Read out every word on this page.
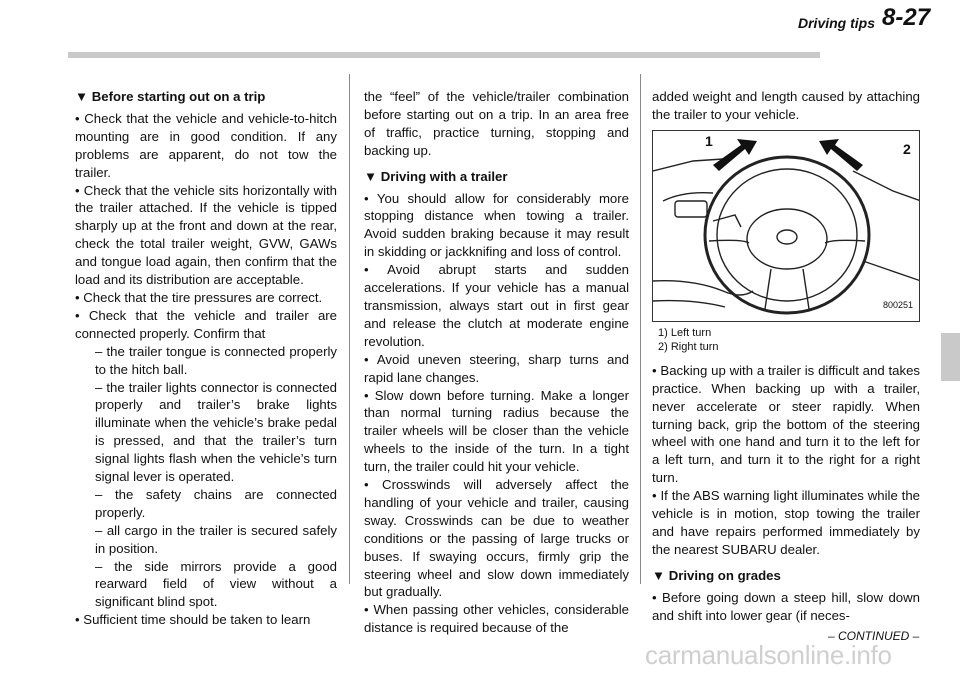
Driving tips 8-27

▼ Before starting out on a trip

• Check that the vehicle and vehicle-to-hitch mounting are in good condition. If any problems are apparent, do not tow the trailer.

• Check that the vehicle sits horizontally with the trailer attached. If the vehicle is tipped sharply up at the front and down at the rear, check the total trailer weight, GVW, GAWs and tongue load again, then confirm that the load and its distribution are acceptable.

• Check that the tire pressures are correct.

• Check that the vehicle and trailer are connected properly. Confirm that

– the trailer tongue is connected properly to the hitch ball.

– the trailer lights connector is connected properly and trailer’s brake lights illuminate when the vehicle’s brake pedal is pressed, and that the trailer’s turn signal lights flash when the vehicle’s turn signal lever is operated.

– the safety chains are connected properly.

– all cargo in the trailer is secured safely in position.

– the side mirrors provide a good rearward field of view without a significant blind spot.

• Sufficient time should be taken to learn

the “feel” of the vehicle/trailer combination before starting out on a trip. In an area free of traffic, practice turning, stopping and backing up.

▼ Driving with a trailer

• You should allow for considerably more stopping distance when towing a trailer. Avoid sudden braking because it may result in skidding or jackknifing and loss of control.

• Avoid abrupt starts and sudden accelerations. If your vehicle has a manual transmission, always start out in first gear and release the clutch at moderate engine revolution.

• Avoid uneven steering, sharp turns and rapid lane changes.

• Slow down before turning. Make a longer than normal turning radius because the trailer wheels will be closer than the vehicle wheels to the inside of the turn. In a tight turn, the trailer could hit your vehicle.

• Crosswinds will adversely affect the handling of your vehicle and trailer, causing sway. Crosswinds can be due to weather conditions or the passing of large trucks or buses. If swaying occurs, firmly grip the steering wheel and slow down immediately but gradually.

• When passing other vehicles, considerable distance is required because of the

added weight and length caused by attaching the trailer to your vehicle.

1	2
800251

1) Left turn

2) Right turn

• Backing up with a trailer is difficult and takes practice. When backing up with a trailer, never accelerate or steer rapidly. When turning back, grip the bottom of the steering wheel with one hand and turn it to the left for a left turn, and turn it to the right for a right turn.

• If the ABS warning light illuminates while the vehicle is in motion, stop towing the trailer and have repairs performed immediately by the nearest SUBARU dealer.

▼ Driving on grades

• Before going down a steep hill, slow down and shift into lower gear (if neces-

– CONTINUED –
carmanualsonline.info
